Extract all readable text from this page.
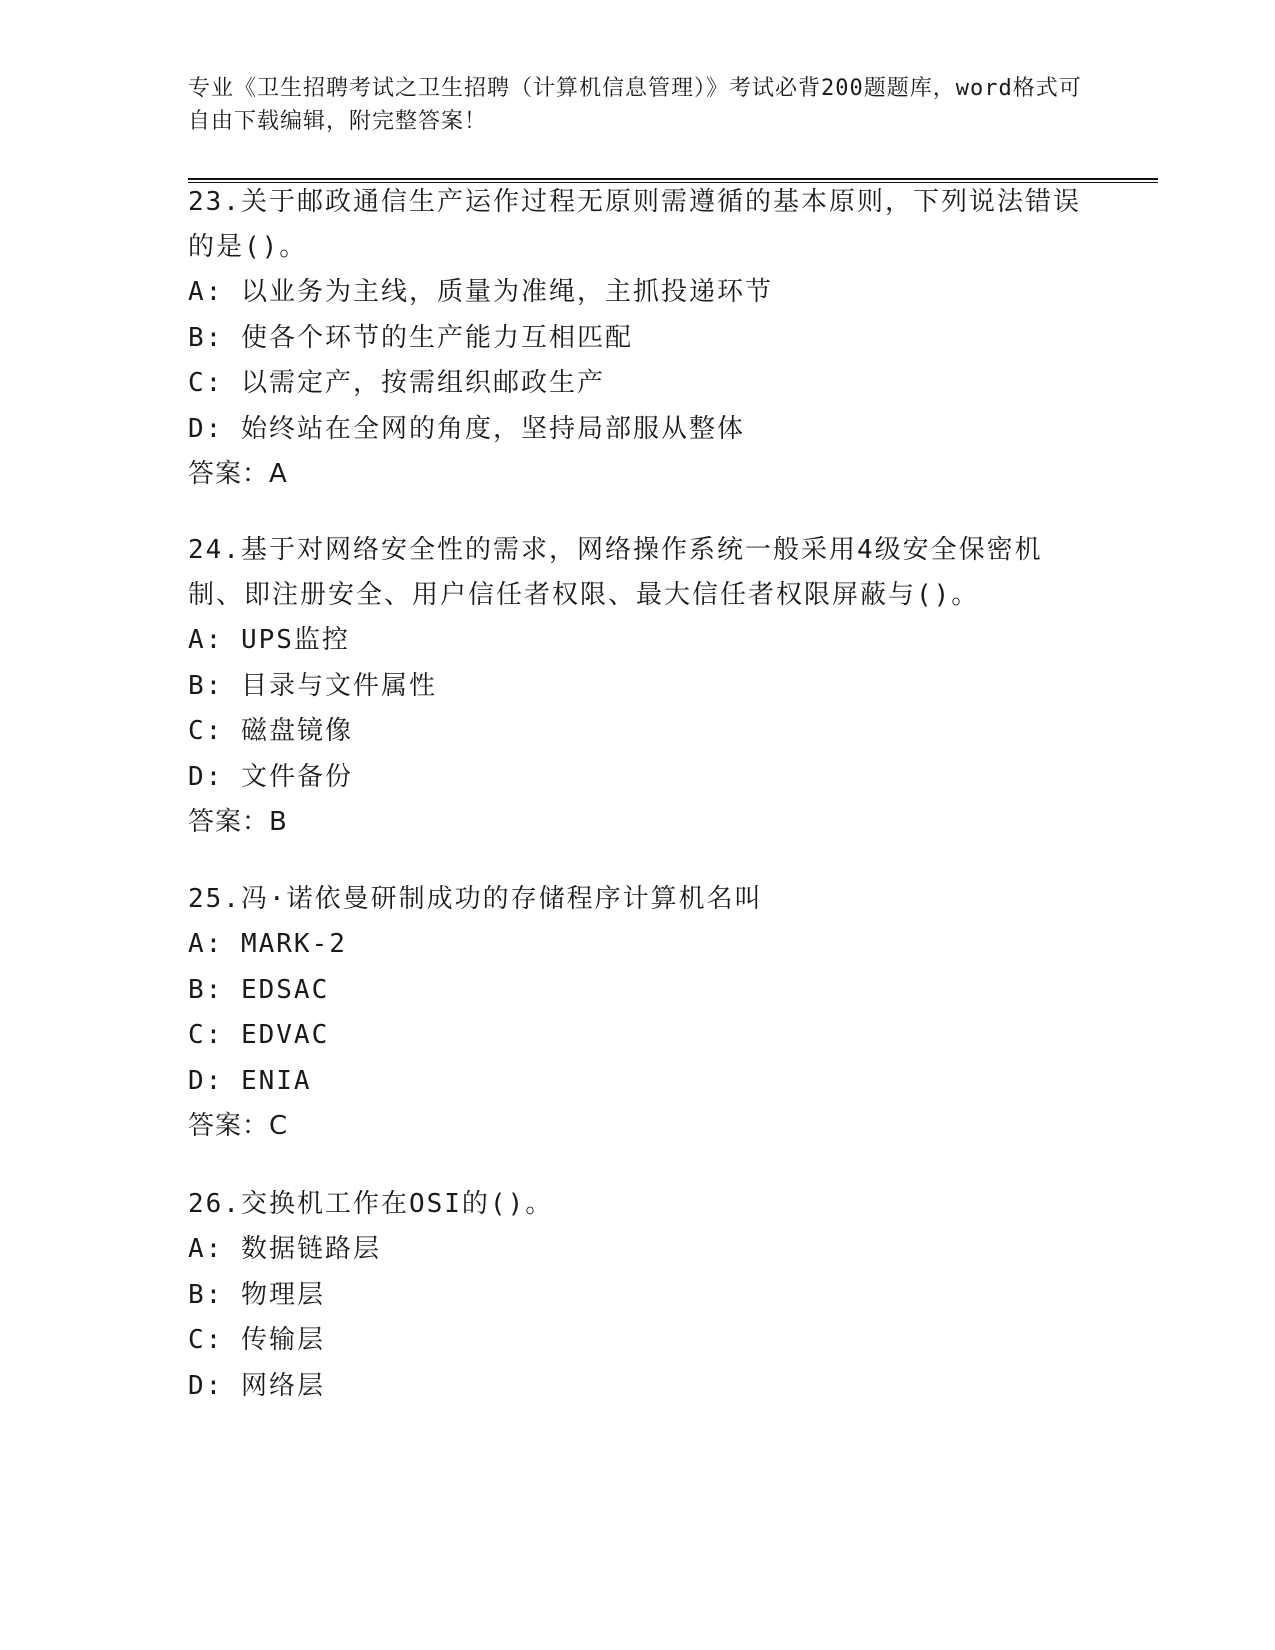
专业《卫生招聘考试之卫生招聘（计算机信息管理）》考试必背200题题库，word格式可自由下载编辑，附完整答案！

23.关于邮政通信生产运作过程无原则需遵循的基本原则，下列说法错误的是()。

A: 以业务为主线，质量为准绳，主抓投递环节

B: 使各个环节的生产能力互相匹配

C: 以需定产，按需组织邮政生产

D: 始终站在全网的角度，坚持局部服从整体

答案：A

24.基于对网络安全性的需求，网络操作系统一般采用4级安全保密机制、即注册安全、用户信任者权限、最大信任者权限屏蔽与()。

A: UPS监控

B: 目录与文件属性

C: 磁盘镜像

D: 文件备份

答案：B

25.冯·诺依曼研制成功的存储程序计算机名叫

A: MARK-2

B: EDSAC

C: EDVAC

D: ENIA

答案：C

26.交换机工作在OSI的()。

A: 数据链路层

B: 物理层

C: 传输层

D: 网络层
